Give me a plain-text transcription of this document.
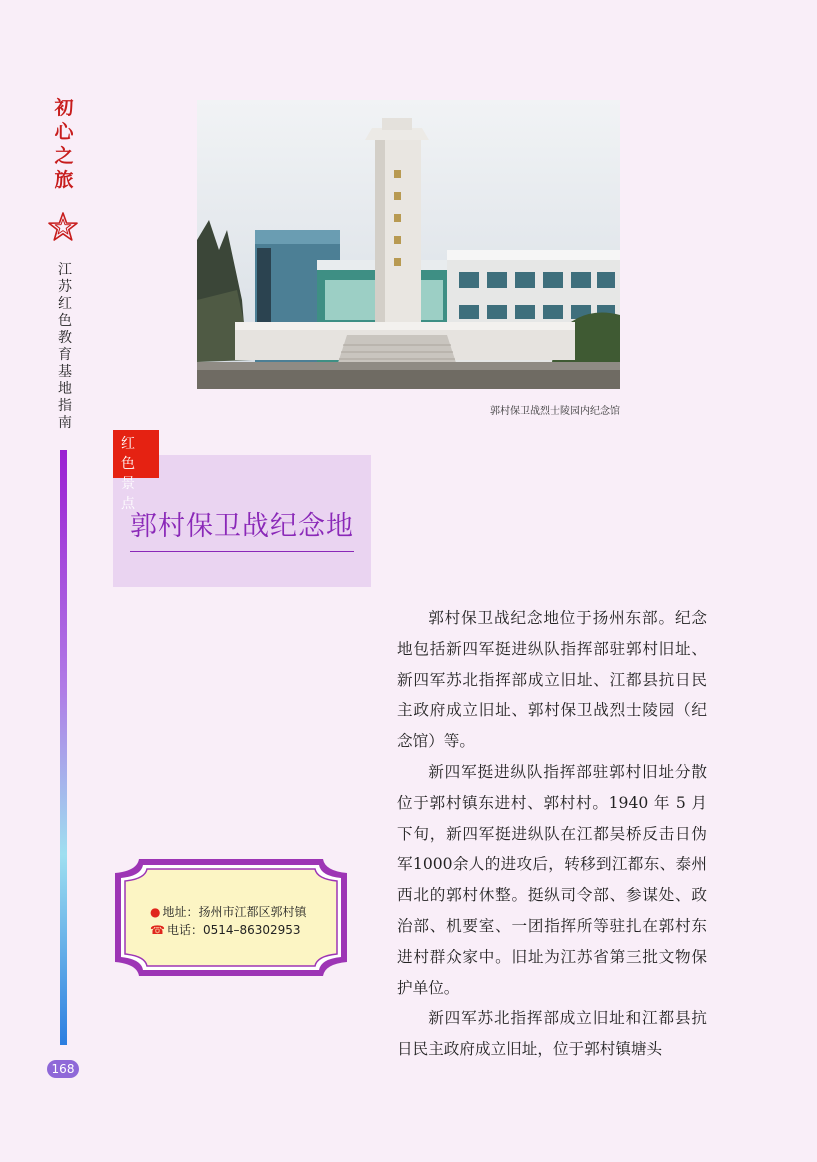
初
心
之
旅
江
苏
红
色
教
育
基
地
指
南
168
郭村保卫战烈士陵园内纪念馆
红色
景点
郭村保卫战纪念地

郭村保卫战纪念地位于扬州东部。纪念地包括新四军挺进纵队指挥部驻郭村旧址、新四军苏北指挥部成立旧址、江都县抗日民主政府成立旧址、郭村保卫战烈士陵园（纪念馆）等。

新四军挺进纵队指挥部驻郭村旧址分散位于郭村镇东进村、郭村村。1940 年 5 月下旬，新四军挺进纵队在江都吴桥反击日伪军1000余人的进攻后，转移到江都东、泰州西北的郭村休整。挺纵司令部、参谋处、政治部、机要室、一团指挥所等驻扎在郭村东进村群众家中。旧址为江苏省第三批文物保护单位。

新四军苏北指挥部成立旧址和江都县抗日民主政府成立旧址，位于郭村镇塘头

● 地址：扬州市江都区郭村镇
☎ 电话：0514–86302953
